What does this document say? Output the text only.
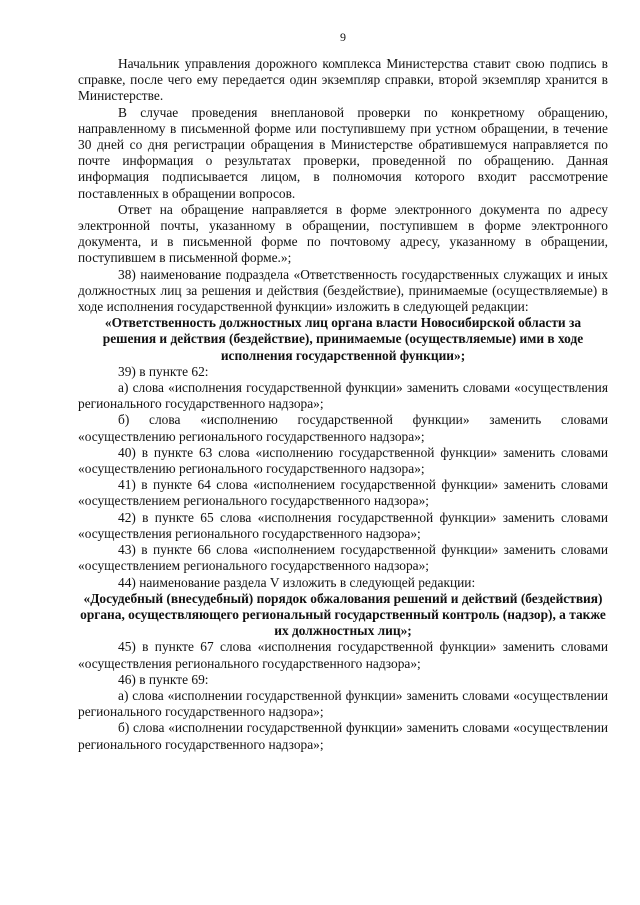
9

Начальник управления дорожного комплекса Министерства ставит свою подпись в справке, после чего ему передается один экземпляр справки, второй экземпляр хранится в Министерстве.

В случае проведения внеплановой проверки по конкретному обращению, направленному в письменной форме или поступившему при устном обращении, в течение 30 дней со дня регистрации обращения в Министерстве обратившемуся направляется по почте информация о результатах проверки, проведенной по обращению. Данная информация подписывается лицом, в полномочия которого входит рассмотрение поставленных в обращении вопросов.

Ответ на обращение направляется в форме электронного документа по адресу электронной почты, указанному в обращении, поступившем в форме электронного документа, и в письменной форме по почтовому адресу, указанному в обращении, поступившем в письменной форме.»;

38) наименование подраздела «Ответственность государственных служащих и иных должностных лиц за решения и действия (бездействие), принимаемые (осуществляемые) в ходе исполнения государственной функции» изложить в следующей редакции:

«Ответственность должностных лиц органа власти Новосибирской области за решения и действия (бездействие), принимаемые (осуществляемые) ими в ходе исполнения государственной функции»;

39) в пункте 62:

а) слова «исполнения государственной функции» заменить словами «осуществления регионального государственного надзора»;

б) слова «исполнению государственной функции» заменить словами «осуществлению регионального государственного надзора»;

40) в пункте 63 слова «исполнению государственной функции» заменить словами «осуществлению регионального государственного надзора»;

41) в пункте 64 слова «исполнением государственной функции» заменить словами «осуществлением регионального государственного надзора»;

42) в пункте 65 слова «исполнения государственной функции» заменить словами «осуществления регионального государственного надзора»;

43) в пункте 66 слова «исполнением государственной функции» заменить словами «осуществлением регионального государственного надзора»;

44) наименование раздела V изложить в следующей редакции:

«Досудебный (внесудебный) порядок обжалования решений и действий (бездействия) органа, осуществляющего региональный государственный контроль (надзор), а также их должностных лиц»;

45) в пункте 67 слова «исполнения государственной функции» заменить словами «осуществления регионального государственного надзора»;

46) в пункте 69:

а) слова «исполнении государственной функции» заменить словами «осуществлении регионального государственного надзора»;

б) слова «исполнении государственной функции» заменить словами «осуществлении регионального государственного надзора»;
